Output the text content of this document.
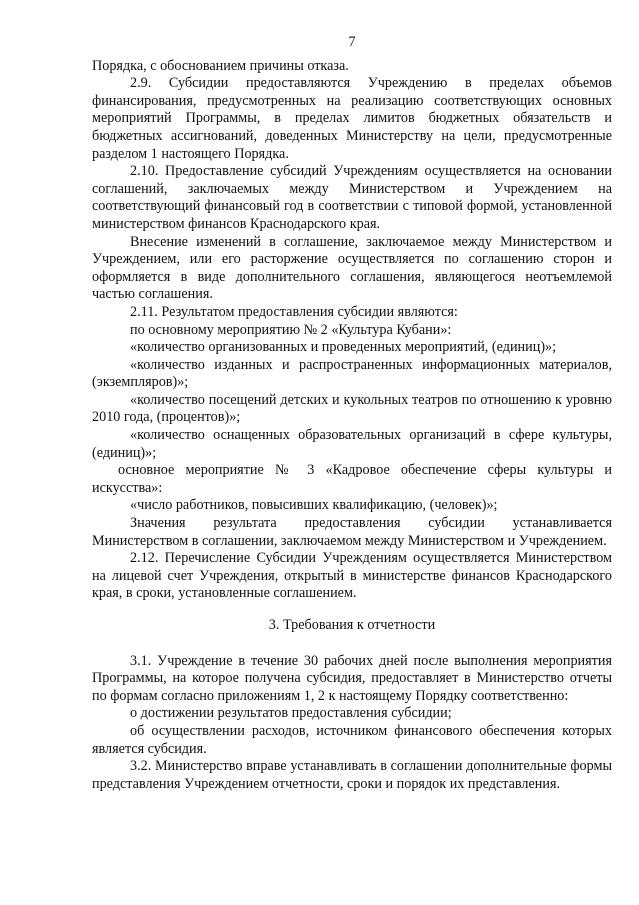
7
Порядка, с обоснованием причины отказа.
2.9. Субсидии предоставляются Учреждению в пределах объемов финансирования, предусмотренных на реализацию соответствующих основных мероприятий Программы, в пределах лимитов бюджетных обязательств и бюджетных ассигнований, доведенных Министерству на цели, предусмотренные разделом 1 настоящего Порядка.
2.10. Предоставление субсидий Учреждениям осуществляется на основании соглашений, заключаемых между Министерством и Учреждением на соответствующий финансовый год в соответствии с типовой формой, установленной министерством финансов Краснодарского края.
Внесение изменений в соглашение, заключаемое между Министерством и Учреждением, или его расторжение осуществляется по соглашению сторон и оформляется в виде дополнительного соглашения, являющегося неотъемлемой частью соглашения.
2.11. Результатом предоставления субсидии являются:
по основному мероприятию № 2 «Культура Кубани»:
«количество организованных и проведенных мероприятий, (единиц)»;
«количество изданных и распространенных информационных материалов, (экземпляров)»;
«количество посещений детских и кукольных театров по отношению к уровню 2010 года, (процентов)»;
«количество оснащенных образовательных организаций в сфере культуры, (единиц)»;
основное мероприятие № 3 «Кадровое обеспечение сферы культуры и искусства»:
«число работников, повысивших квалификацию, (человек)»;
Значения результата предоставления субсидии устанавливается Министерством в соглашении, заключаемом между Министерством и Учреждением.
2.12. Перечисление Субсидии Учреждениям осуществляется Министерством на лицевой счет Учреждения, открытый в министерстве финансов Краснодарского края, в сроки, установленные соглашением.
3. Требования к отчетности
3.1. Учреждение в течение 30 рабочих дней после выполнения мероприятия Программы, на которое получена субсидия, предоставляет в Министерство отчеты по формам согласно приложениям 1, 2 к настоящему Порядку соответственно:
о достижении результатов предоставления субсидии;
об осуществлении расходов, источником финансового обеспечения которых является субсидия.
3.2. Министерство вправе устанавливать в соглашении дополнительные формы представления Учреждением отчетности, сроки и порядок их представления.
